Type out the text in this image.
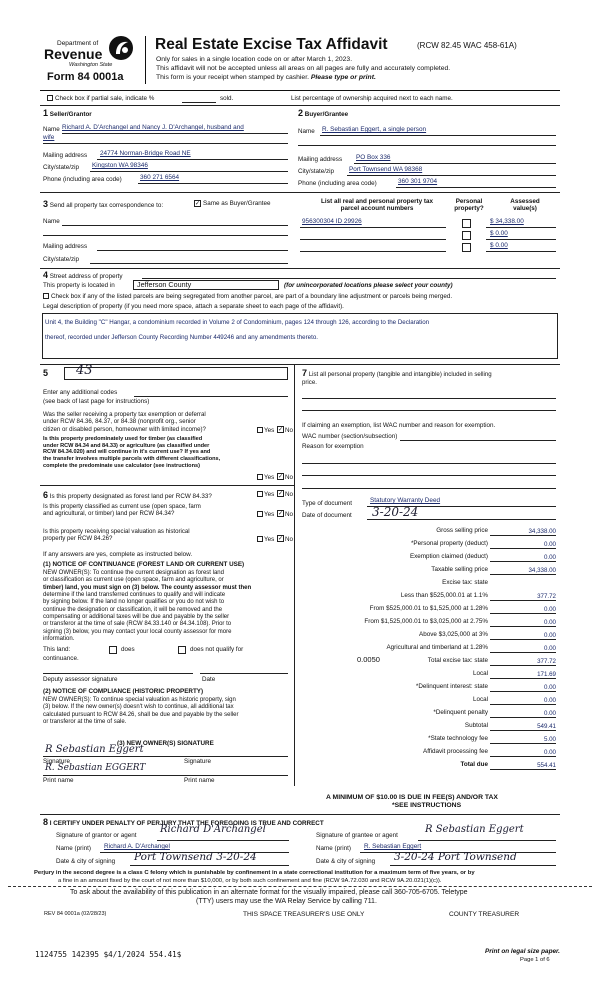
Department of
Revenue
Washington State
Form 84 0001a
Real Estate Excise Tax Affidavit	(RCW 82.45 WAC 458-61A)
Only for sales in a single location code on or after March 1, 2023.
This affidavit will not be accepted unless all areas on all pages are fully and accurately completed.
This form is your receipt when stamped by cashier. Please type or print.
Check box if partial sale, indicate %	sold.	List percentage of ownership acquired next to each name.
1 Seller/Grantor
Name Richard A. D'Archangel and Nancy J. D'Archangel, husband and
wife
Mailing address 24774 Norman-Bridge Road NE
City/state/zip Kingston WA 98346
Phone (including area code)	360 271 6564
2 Buyer/Grantee
Name R. Sebastian Eggert, a single person
Mailing address PO Box 336
City/state/zip Port Townsend WA 98368
Phone (including area code)	360 301 9704
3 Send all property tax correspondence to:	✓ Same as Buyer/Grantee
Name
Mailing address
City/state/zip
List all real and personal property tax
parcel account numbers
Personal
property?
Assessed
value(s)
956300304 ID 29926	$ 34,338.00
$ 0.00
$ 0.00
4 Street address of property
This property is located in	Jefferson County	(for unincorporated locations please select your county)
Check box if any of the listed parcels are being segregated from another parcel, are part of a boundary line adjustment or parcels being merged.
Legal description of property (if you need more space, attach a separate sheet to each page of the affidavit).
Unit 4, the Building "C" Hangar, a condominium recorded in Volume 2 of Condominium, pages 124 through 126, according to the Declaration
thereof, recorded under Jefferson County Recording Number 449246 and any amendments thereto.
5 43
Enter any additional codes
(see back of last page for instructions)
Was the seller receiving a property tax exemption or deferral
under RCW 84.36, 84.37, or 84.38 (nonprofit org., senior
citizen or disabled person, homeowner with limited income)?	Yes ✓ No
Is this property predominately used for timber (as classified
under RCW 84.34 and 84.33) or agriculture (as classified under
RCW 84.34.020) and will continue in it's current use? If yes and
the transfer involves multiple parcels with different classifications,
complete the predominate use calculator (see instructions)
Yes ✓ No
6 Is this property designated as forest land per RCW 84.33?	Yes ✓ No
Is this property classified as current use (open space, farm
and agricultural, or timber) land per RCW 84.34?	Yes ✓ No
Is this property receiving special valuation as historical
property per RCW 84.26?	Yes ✓ No
If any answers are yes, complete as instructed below.
(1) NOTICE OF CONTINUANCE (FOREST LAND OR CURRENT USE)
NEW OWNER(S): To continue the current designation as forest land
or classification as current use (open space, farm and agriculture, or
timber) land, you must sign on (3) below. The county assessor must then
determine if the land transferred continues to qualify and will indicate
by signing below. If the land no longer qualifies or you do not wish to
continue the designation or classification, it will be removed and the
compensating or additional taxes will be due and payable by the seller
or transferor at the time of sale (RCW 84.33.140 or 84.34.108). Prior to
signing (3) below, you may contact your local county assessor for more
information.
This land:	does	does not qualify for
continuance.
Deputy assessor signature	Date
(2) NOTICE OF COMPLIANCE (HISTORIC PROPERTY)
NEW OWNER(S): To continue special valuation as historic property, sign
(3) below. If the new owner(s) doesn't wish to continue, all additional tax
calculated pursuant to RCW 84.26, shall be due and payable by the seller
or transferor at the time of sale.
(3) NEW OWNER(S) SIGNATURE
R Sebastian Eggert
Signature	Signature
R. Sebastian EGGERT
Print name	Print name
7 List all personal property (tangible and intangible) included in selling
price.
If claiming an exemption, list WAC number and reason for exemption.
WAC number (section/subsection)
Reason for exemption
Type of document	Statutory Warranty Deed
Date of document 3-20-24
Gross selling price	34,338.00
*Personal property (deduct)	0.00
Exemption claimed (deduct)	0.00
Taxable selling price	34,338.00
Excise tax: state
Less than $525,000.01 at 1.1%	377.72
From $525,000.01 to $1,525,000 at 1.28%	0.00
From $1,525,000.01 to $3,025,000 at 2.75%	0.00
Above $3,025,000 at 3%	0.00
Agricultural and timberland at 1.28%	0.00
Total excise tax: state	377.72
Local	171.69
*Delinquent interest: state	0.00
Local	0.00
*Delinquent penalty	0.00
Subtotal	549.41
*State technology fee	5.00
Affidavit processing fee	0.00
Total due	554.41
0.0050
A MINIMUM OF $10.00 IS DUE IN FEE(S) AND/OR TAX
*SEE INSTRUCTIONS
8 I CERTIFY UNDER PENALTY OF PERJURY THAT THE FOREGOING IS TRUE AND CORRECT
Signature of grantor or agent
Richard D'Archangel
Signature of grantee or agent
R Sebastian Eggert
Name (print) Richard A. D'Archangel	Name (print) R. Sebastian Eggert
Date & city of signing Port Townsend 3-20-24	Date & city of signing 3-20-24 Port Townsend
Perjury in the second degree is a class C felony which is punishable by confinement in a state correctional institution for a maximum term of five years, or by
a fine in an amount fixed by the court of not more than $10,000, or by both such confinement and fine (RCW 9A.72.030 and RCW 9A.20.021(1)(c)).
To ask about the availability of this publication in an alternate format for the visually impaired, please call 360-705-6705. Teletype
(TTY) users may use the WA Relay Service by calling 711.
REV 84 0001a (02/28/23)	THIS SPACE TREASURER'S USE ONLY	COUNTY TREASURER
1124755 142395 $4/1/2024 554.41$	Print on legal size paper.
Page 1 of 6
